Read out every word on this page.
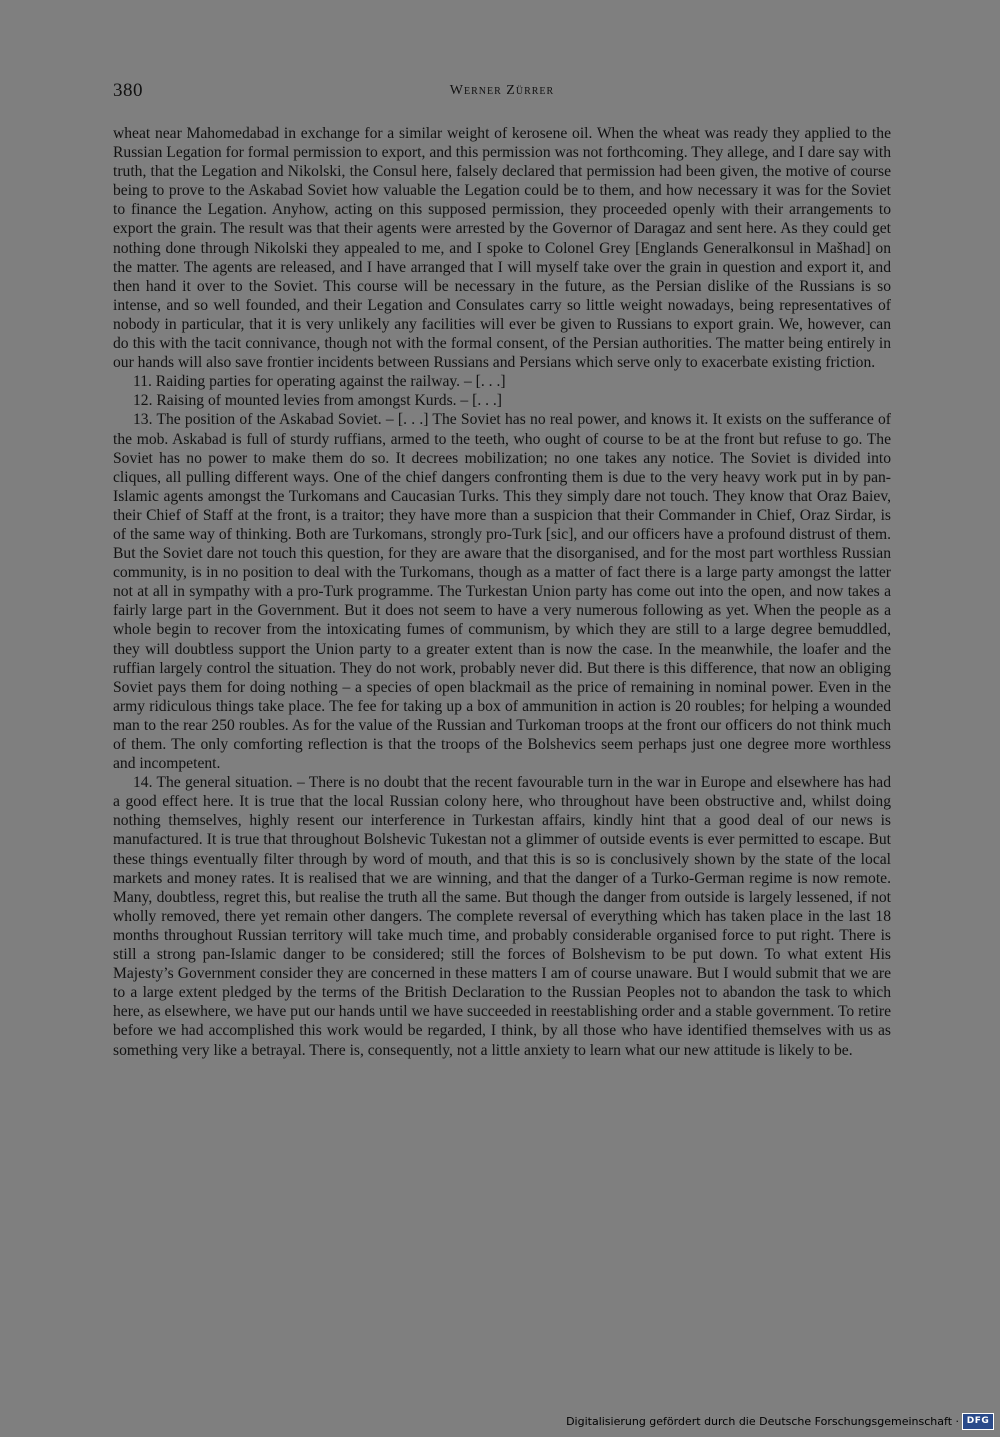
380	Werner Zürrer

wheat near Mahomedabad in exchange for a similar weight of kerosene oil. When the wheat was ready they applied to the Russian Legation for formal permission to export, and this permission was not forthcoming. They allege, and I dare say with truth, that the Legation and Nikolski, the Consul here, falsely declared that permission had been given, the motive of course being to prove to the Askabad Soviet how valuable the Legation could be to them, and how necessary it was for the Soviet to finance the Legation. Anyhow, acting on this supposed permission, they proceeded openly with their arrangements to export the grain. The result was that their agents were arrested by the Governor of Daragaz and sent here. As they could get nothing done through Nikolski they appealed to me, and I spoke to Colonel Grey [Englands Generalkonsul in Mašhad] on the matter. The agents are released, and I have arranged that I will myself take over the grain in question and export it, and then hand it over to the Soviet. This course will be necessary in the future, as the Persian dislike of the Russians is so intense, and so well founded, and their Legation and Consulates carry so little weight nowadays, being representatives of nobody in particular, that it is very unlikely any facilities will ever be given to Russians to export grain. We, however, can do this with the tacit connivance, though not with the formal consent, of the Persian authorities. The matter being entirely in our hands will also save frontier incidents between Russians and Persians which serve only to exacerbate existing friction.

11. Raiding parties for operating against the railway. – [. . .]

12. Raising of mounted levies from amongst Kurds. – [. . .]

13. The position of the Askabad Soviet. – [. . .] The Soviet has no real power, and knows it. It exists on the sufferance of the mob. Askabad is full of sturdy ruffians, armed to the teeth, who ought of course to be at the front but refuse to go. The Soviet has no power to make them do so. It decrees mobilization; no one takes any notice. The Soviet is divided into cliques, all pulling different ways. One of the chief dangers confronting them is due to the very heavy work put in by pan-Islamic agents amongst the Turkomans and Caucasian Turks. This they simply dare not touch. They know that Oraz Baiev, their Chief of Staff at the front, is a traitor; they have more than a suspicion that their Commander in Chief, Oraz Sirdar, is of the same way of thinking. Both are Turkomans, strongly pro-Turk [sic], and our officers have a profound distrust of them. But the Soviet dare not touch this question, for they are aware that the disorganised, and for the most part worthless Russian community, is in no position to deal with the Turkomans, though as a matter of fact there is a large party amongst the latter not at all in sympathy with a pro-Turk programme. The Turkestan Union party has come out into the open, and now takes a fairly large part in the Government. But it does not seem to have a very numerous following as yet. When the people as a whole begin to recover from the intoxicating fumes of communism, by which they are still to a large degree bemuddled, they will doubtless support the Union party to a greater extent than is now the case. In the meanwhile, the loafer and the ruffian largely control the situation. They do not work, probably never did. But there is this difference, that now an obliging Soviet pays them for doing nothing – a species of open blackmail as the price of remaining in nominal power. Even in the army ridiculous things take place. The fee for taking up a box of ammunition in action is 20 roubles; for helping a wounded man to the rear 250 roubles. As for the value of the Russian and Turkoman troops at the front our officers do not think much of them. The only comforting reflection is that the troops of the Bolshevics seem perhaps just one degree more worthless and incompetent.

14. The general situation. – There is no doubt that the recent favourable turn in the war in Europe and elsewhere has had a good effect here. It is true that the local Russian colony here, who throughout have been obstructive and, whilst doing nothing themselves, highly resent our interference in Turkestan affairs, kindly hint that a good deal of our news is manufactured. It is true that throughout Bolshevic Tukestan not a glimmer of outside events is ever permitted to escape. But these things eventually filter through by word of mouth, and that this is so is conclusively shown by the state of the local markets and money rates. It is realised that we are winning, and that the danger of a Turko-German regime is now remote. Many, doubtless, regret this, but realise the truth all the same. But though the danger from outside is largely lessened, if not wholly removed, there yet remain other dangers. The complete reversal of everything which has taken place in the last 18 months throughout Russian territory will take much time, and probably considerable organised force to put right. There is still a strong pan-Islamic danger to be considered; still the forces of Bolshevism to be put down. To what extent His Majesty’s Government consider they are concerned in these matters I am of course unaware. But I would submit that we are to a large extent pledged by the terms of the British Declaration to the Russian Peoples not to abandon the task to which here, as elsewhere, we have put our hands until we have succeeded in reestablishing order and a stable government. To retire before we had accomplished this work would be regarded, I think, by all those who have identified themselves with us as something very like a betrayal. There is, consequently, not a little anxiety to learn what our new attitude is likely to be.

Digitalisierung gefördert durch die Deutsche Forschungsgemeinschaft · DFG
